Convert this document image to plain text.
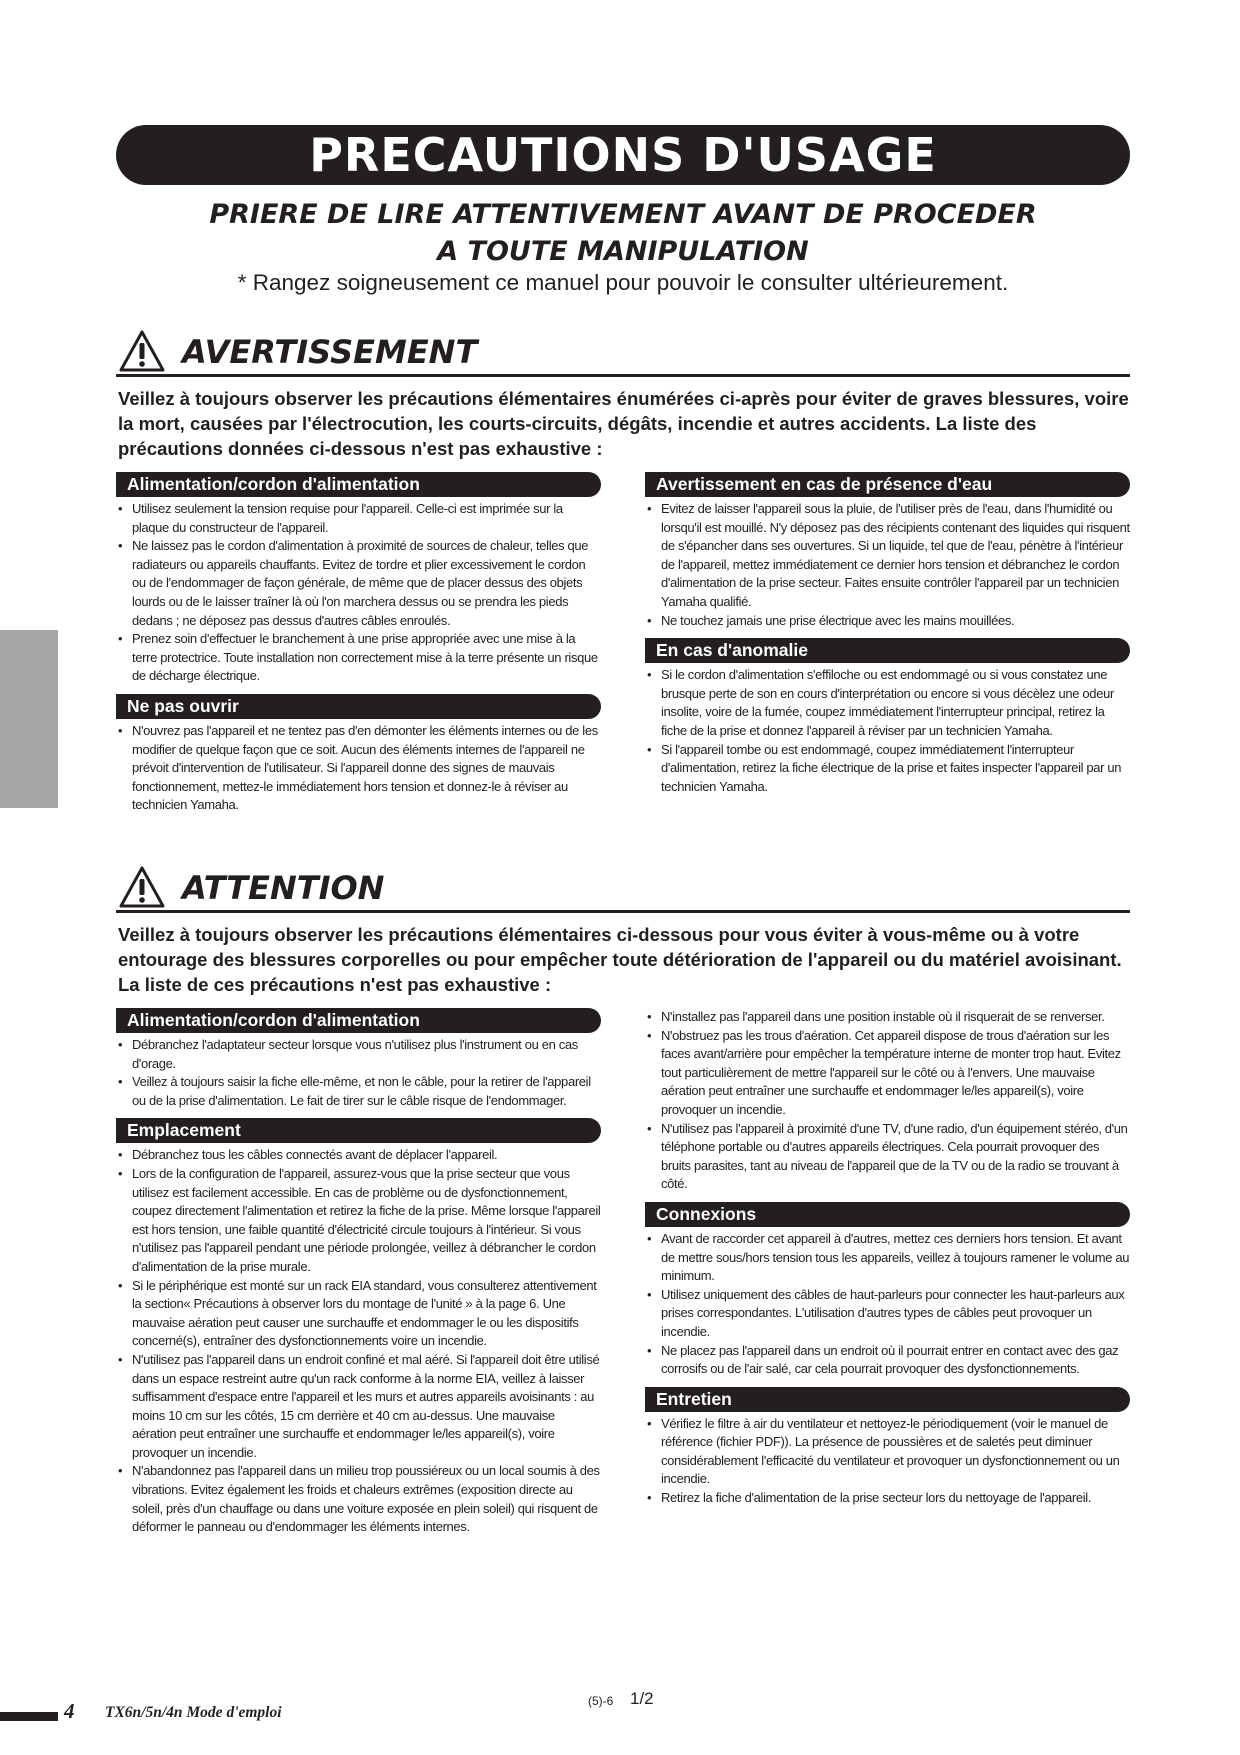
PRECAUTIONS D'USAGE
PRIERE DE LIRE ATTENTIVEMENT AVANT DE PROCEDER
A TOUTE MANIPULATION
* Rangez soigneusement ce manuel pour pouvoir le consulter ultérieurement.
AVERTISSEMENT
Veillez à toujours observer les précautions élémentaires énumérées ci-après pour éviter de graves blessures, voire la mort, causées par l'électrocution, les courts-circuits, dégâts, incendie et autres accidents. La liste des précautions données ci-dessous n'est pas exhaustive :
Alimentation/cordon d'alimentation
• Utilisez seulement la tension requise pour l'appareil. Celle-ci est imprimée sur la plaque du constructeur de l'appareil.
• Ne laissez pas le cordon d'alimentation à proximité de sources de chaleur, telles que radiateurs ou appareils chauffants. Evitez de tordre et plier excessivement le cordon ou de l'endommager de façon générale, de même que de placer dessus des objets lourds ou de le laisser traîner là où l'on marchera dessus ou se prendra les pieds dedans ; ne déposez pas dessus d'autres câbles enroulés.
• Prenez soin d'effectuer le branchement à une prise appropriée avec une mise à la terre protectrice. Toute installation non correctement mise à la terre présente un risque de décharge électrique.
Ne pas ouvrir
• N'ouvrez pas l'appareil et ne tentez pas d'en démonter les éléments internes ou de les modifier de quelque façon que ce soit. Aucun des éléments internes de l'appareil ne prévoit d'intervention de l'utilisateur. Si l'appareil donne des signes de mauvais fonctionnement, mettez-le immédiatement hors tension et donnez-le à réviser au technicien Yamaha.
Avertissement en cas de présence d'eau
• Evitez de laisser l'appareil sous la pluie, de l'utiliser près de l'eau, dans l'humidité ou lorsqu'il est mouillé. N'y déposez pas des récipients contenant des liquides qui risquent de s'épancher dans ses ouvertures. Si un liquide, tel que de l'eau, pénètre à l'intérieur de l'appareil, mettez immédiatement ce dernier hors tension et débranchez le cordon d'alimentation de la prise secteur. Faites ensuite contrôler l'appareil par un technicien Yamaha qualifié.
• Ne touchez jamais une prise électrique avec les mains mouillées.
En cas d'anomalie
• Si le cordon d'alimentation s'effiloche ou est endommagé ou si vous constatez une brusque perte de son en cours d'interprétation ou encore si vous décèlez une odeur insolite, voire de la fumée, coupez immédiatement l'interrupteur principal, retirez la fiche de la prise et donnez l'appareil à réviser par un technicien Yamaha.
• Si l'appareil tombe ou est endommagé, coupez immédiatement l'interrupteur d'alimentation, retirez la fiche électrique de la prise et faites inspecter l'appareil par un technicien Yamaha.
ATTENTION
Veillez à toujours observer les précautions élémentaires ci-dessous pour vous éviter à vous-même ou à votre entourage des blessures corporelles ou pour empêcher toute détérioration de l'appareil ou du matériel avoisinant. La liste de ces précautions n'est pas exhaustive :
Alimentation/cordon d'alimentation
• Débranchez l'adaptateur secteur lorsque vous n'utilisez plus l'instrument ou en cas d'orage.
• Veillez à toujours saisir la fiche elle-même, et non le câble, pour la retirer de l'appareil ou de la prise d'alimentation. Le fait de tirer sur le câble risque de l'endommager.
Emplacement
• Débranchez tous les câbles connectés avant de déplacer l'appareil.
• Lors de la configuration de l'appareil, assurez-vous que la prise secteur que vous utilisez est facilement accessible. En cas de problème ou de dysfonctionnement, coupez directement l'alimentation et retirez la fiche de la prise. Même lorsque l'appareil est hors tension, une faible quantité d'électricité circule toujours à l'intérieur. Si vous n'utilisez pas l'appareil pendant une période prolongée, veillez à débrancher le cordon d'alimentation de la prise murale.
• Si le périphérique est monté sur un rack EIA standard, vous consulterez attentivement la section« Précautions à observer lors du montage de l'unité » à la page 6. Une mauvaise aération peut causer une surchauffe et endommager le ou les dispositifs concerné(s), entraîner des dysfonctionnements voire un incendie.
• N'utilisez pas l'appareil dans un endroit confiné et mal aéré. Si l'appareil doit être utilisé dans un espace restreint autre qu'un rack conforme à la norme EIA, veillez à laisser suffisamment d'espace entre l'appareil et les murs et autres appareils avoisinants : au moins 10 cm sur les côtés, 15 cm derrière et 40 cm au-dessus. Une mauvaise aération peut entraîner une surchauffe et endommager le/les appareil(s), voire provoquer un incendie.
• N'abandonnez pas l'appareil dans un milieu trop poussiéreux ou un local soumis à des vibrations. Evitez également les froids et chaleurs extrêmes (exposition directe au soleil, près d'un chauffage ou dans une voiture exposée en plein soleil) qui risquent de déformer le panneau ou d'endommager les éléments internes.
• N'installez pas l'appareil dans une position instable où il risquerait de se renverser.
• N'obstruez pas les trous d'aération. Cet appareil dispose de trous d'aération sur les faces avant/arrière pour empêcher la température interne de monter trop haut. Evitez tout particulièrement de mettre l'appareil sur le côté ou à l'envers. Une mauvaise aération peut entraîner une surchauffe et endommager le/les appareil(s), voire provoquer un incendie.
• N'utilisez pas l'appareil à proximité d'une TV, d'une radio, d'un équipement stéréo, d'un téléphone portable ou d'autres appareils électriques. Cela pourrait provoquer des bruits parasites, tant au niveau de l'appareil que de la TV ou de la radio se trouvant à côté.
Connexions
• Avant de raccorder cet appareil à d'autres, mettez ces derniers hors tension. Et avant de mettre sous/hors tension tous les appareils, veillez à toujours ramener le volume au minimum.
• Utilisez uniquement des câbles de haut-parleurs pour connecter les haut-parleurs aux prises correspondantes. L'utilisation d'autres types de câbles peut provoquer un incendie.
• Ne placez pas l'appareil dans un endroit où il pourrait entrer en contact avec des gaz corrosifs ou de l'air salé, car cela pourrait provoquer des dysfonctionnements.
Entretien
• Vérifiez le filtre à air du ventilateur et nettoyez-le périodiquement (voir le manuel de référence (fichier PDF)). La présence de poussières et de saletés peut diminuer considérablement l'efficacité du ventilateur et provoquer un dysfonctionnement ou un incendie.
• Retirez la fiche d'alimentation de la prise secteur lors du nettoyage de l'appareil.
4 TX6n/5n/4n Mode d'emploi
(5)-6 1/2
